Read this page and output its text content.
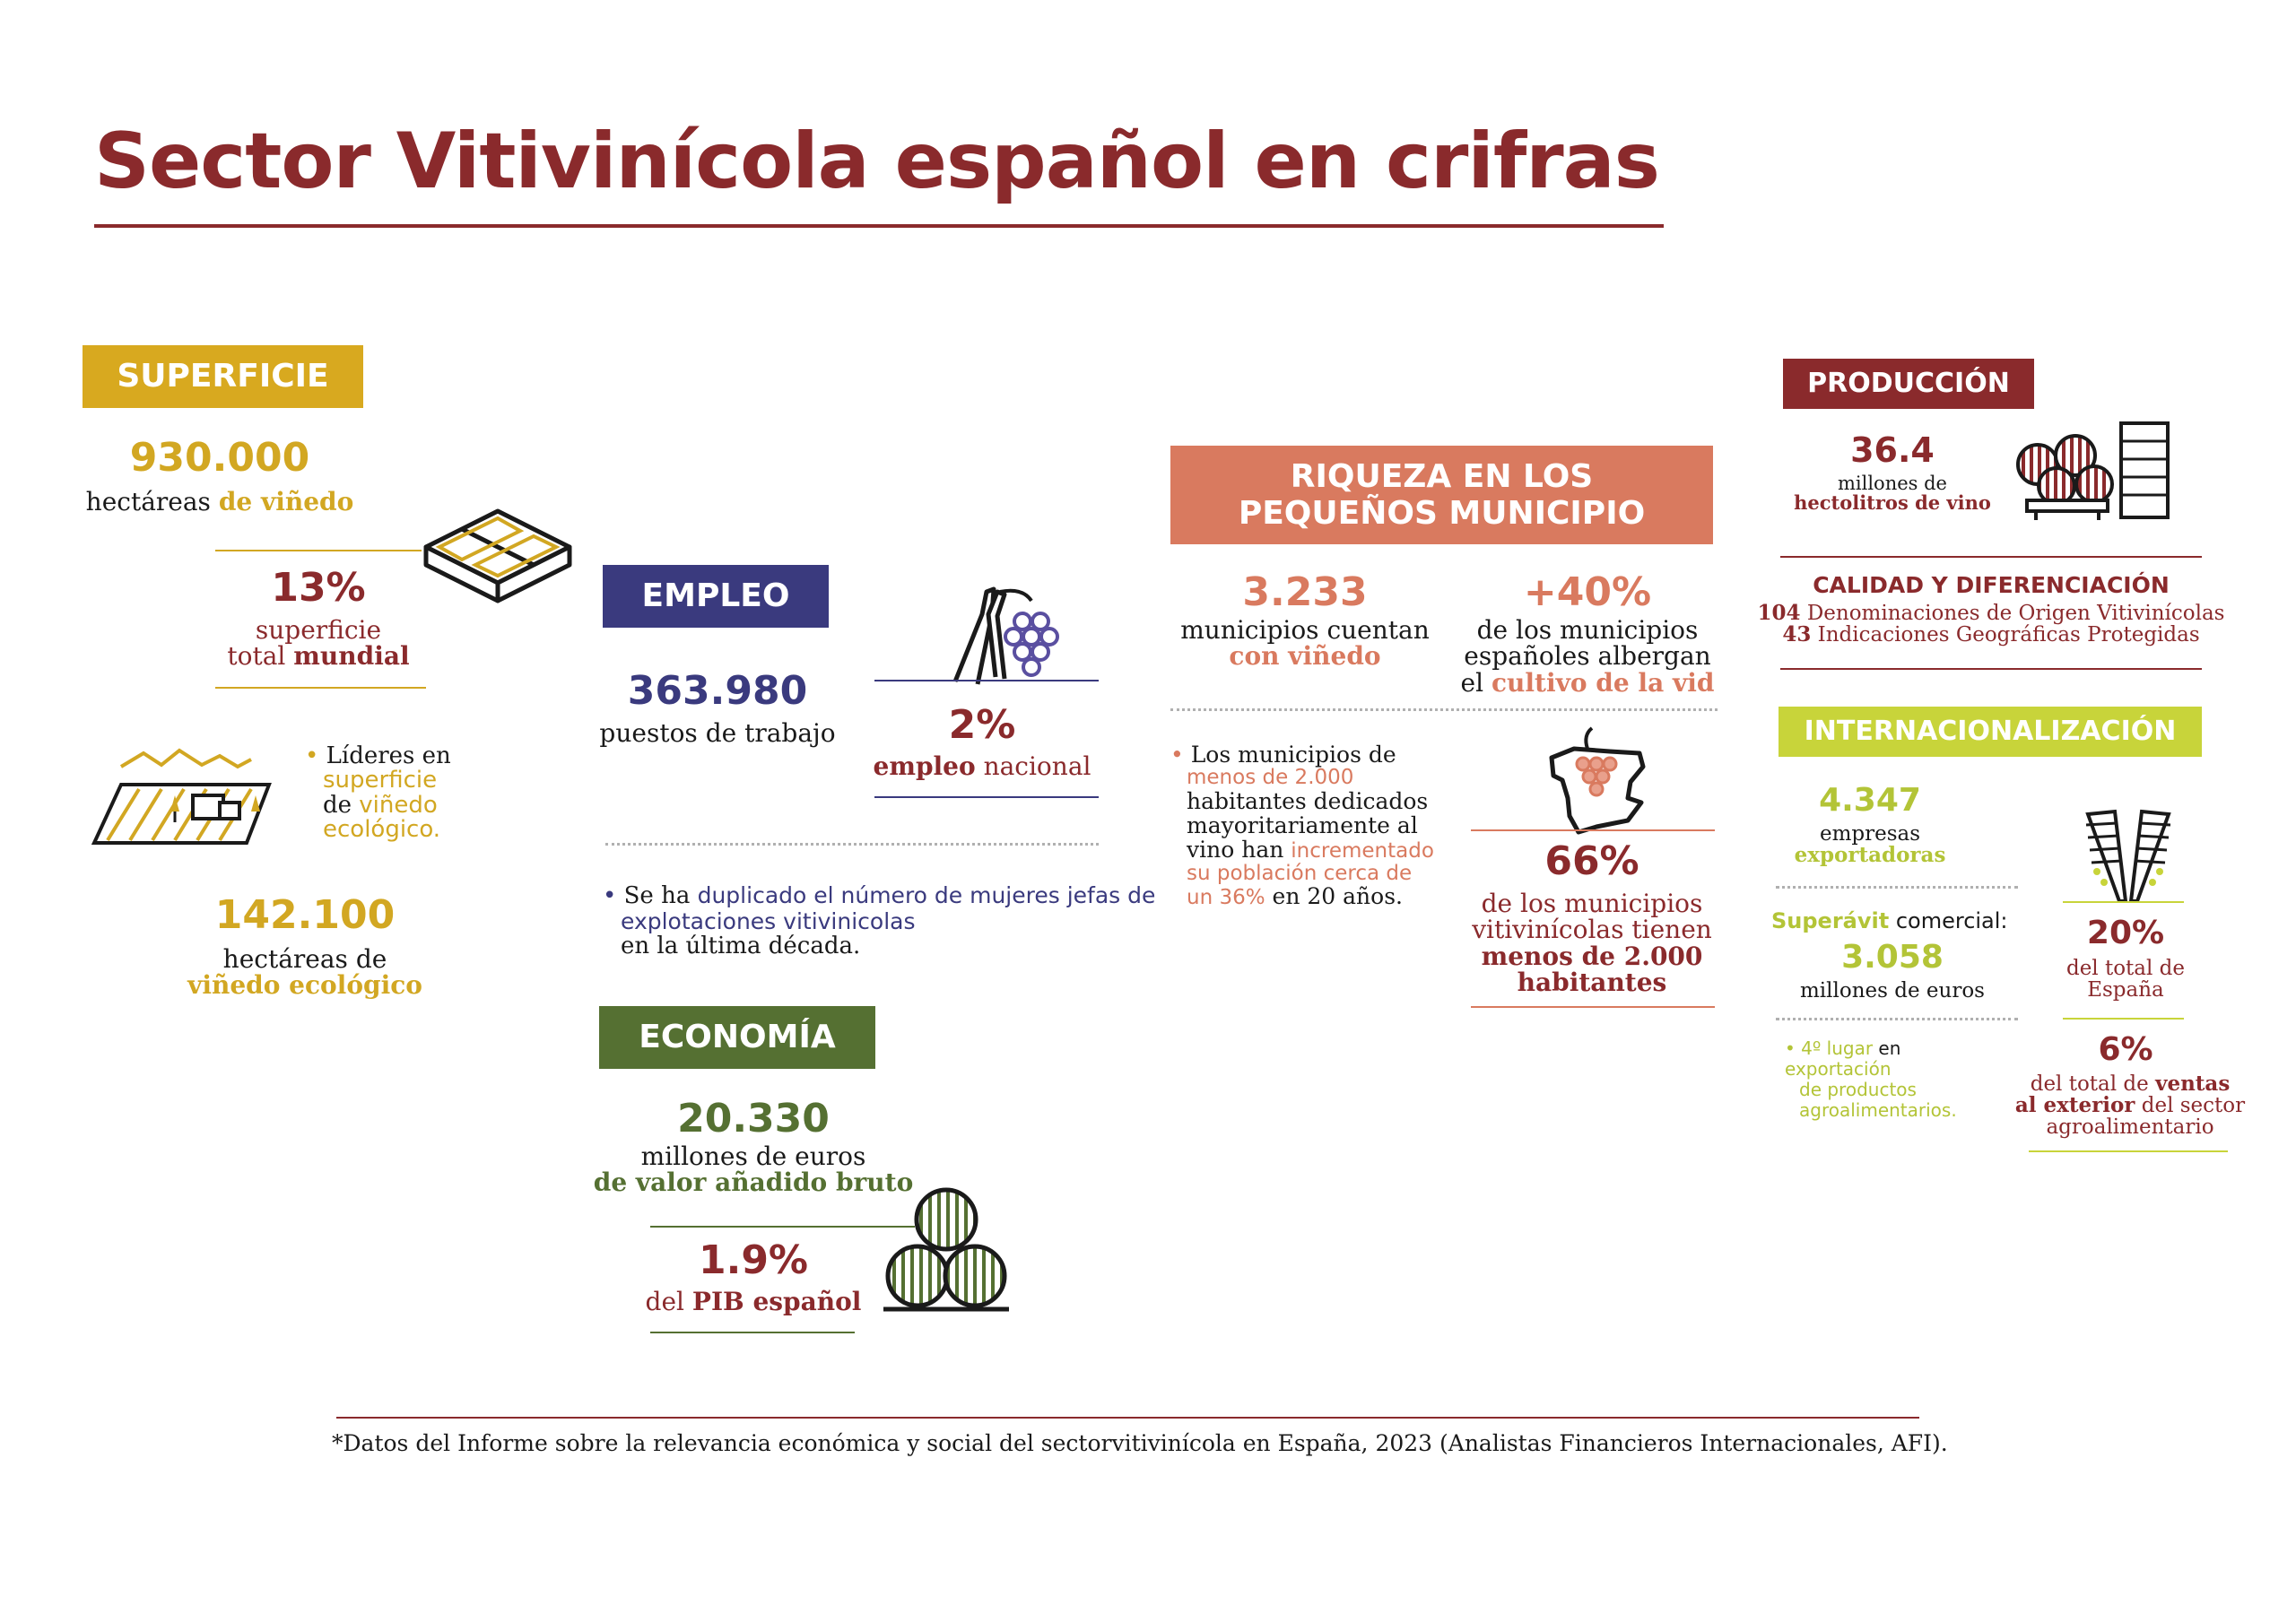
Sector Vitivinícola español en crifras
SUPERFICIE
930.000
hectáreas de viñedo
13%
superficie
total mundial
• Líderes en
superficie
de viñedo
ecológico.
142.100
hectáreas de
viñedo ecológico
EMPLEO
363.980
puestos de trabajo	2%
empleo nacional
• Se ha duplicado el número de mujeres jefas de
explotaciones vitivinicolas
en la última década.
ECONOMÍA
20.330
millones de euros
de valor añadido bruto
1.9%
del PIB español
RIQUEZA EN LOS
PEQUEÑOS MUNICIPIO
3.233
municipios cuentan
con viñedo
+40%
de los municipios
españoles albergan
el cultivo de la vid
• Los municipios de
menos de 2.000
habitantes dedicados
mayoritariamente al
vino han incrementado
su población cerca de
un 36% en 20 años.
66%
de los municipios
vitivinícolas tienen
menos de 2.000
habitantes
PRODUCCIÓN
36.4
millones de
hectolitros de vino
CALIDAD Y DIFERENCIACIÓN
104 Denominaciones de Origen Vitivinícolas
43 Indicaciones Geográficas Protegidas
INTERNACIONALIZACIÓN
4.347
empresas
exportadoras
Superávit comercial:
3.058
millones de euros
• 4º lugar en exportación
de productos
agroalimentarios.
20%
del total de
España
6%
del total de ventas
al exterior del sector
agroalimentario
*Datos del Informe sobre la relevancia económica y social del sectorvitivinícola en España, 2023 (Analistas Financieros Internacionales, AFI).
